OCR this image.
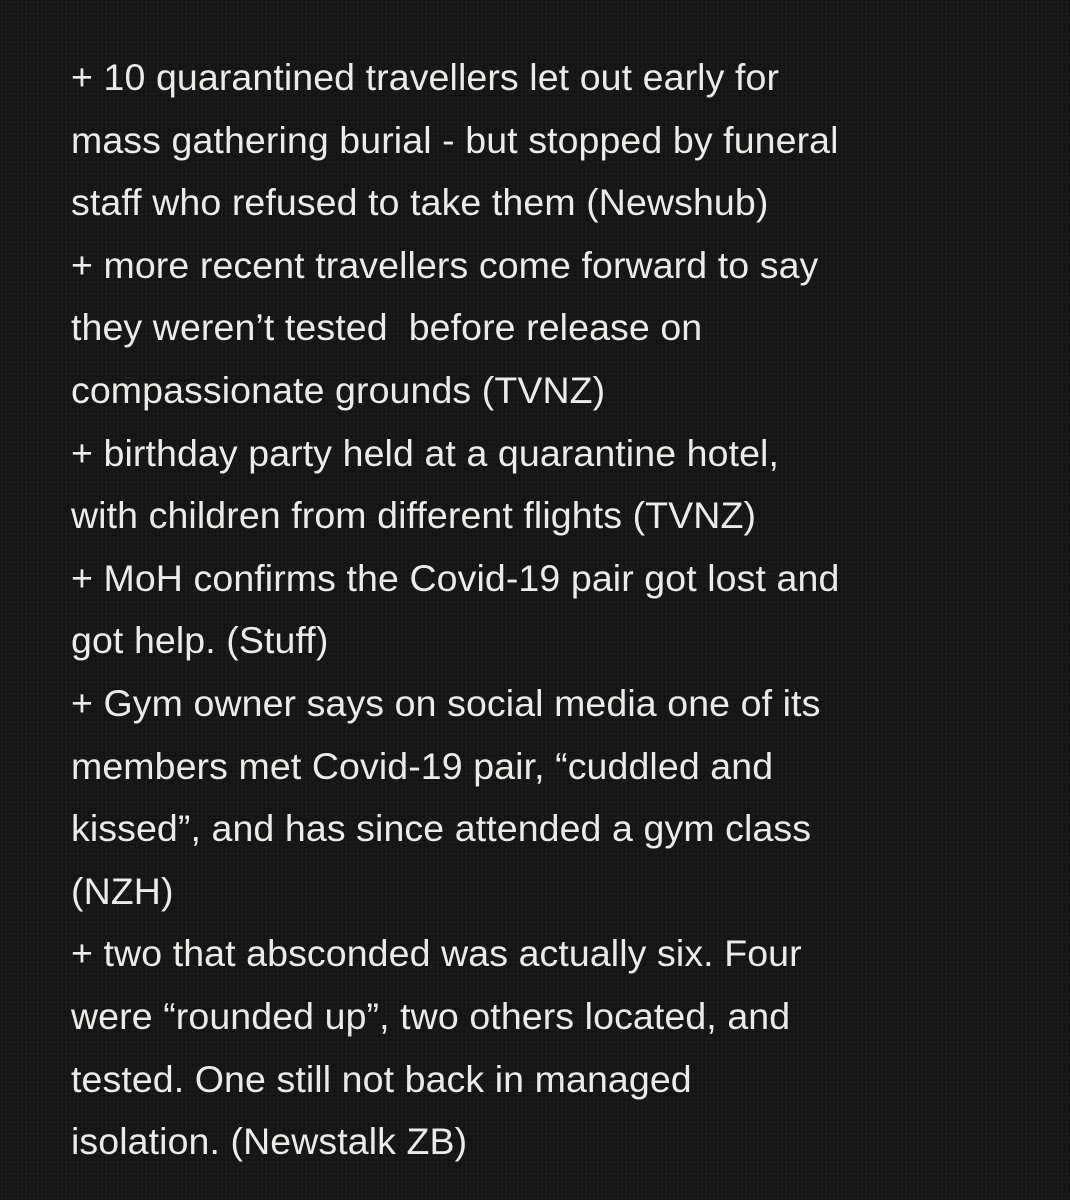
+ 10 quarantined travellers let out early for
mass gathering burial - but stopped by funeral
staff who refused to take them (Newshub)
+ more recent travellers come forward to say
they weren’t tested  before release on
compassionate grounds (TVNZ)
+ birthday party held at a quarantine hotel,
with children from different flights (TVNZ)
+ MoH confirms the Covid-19 pair got lost and
got help. (Stuff)
+ Gym owner says on social media one of its
members met Covid-19 pair, “cuddled and
kissed”, and has since attended a gym class
(NZH)
+ two that absconded was actually six. Four
were “rounded up”, two others located, and
tested. One still not back in managed
isolation. (Newstalk ZB)
